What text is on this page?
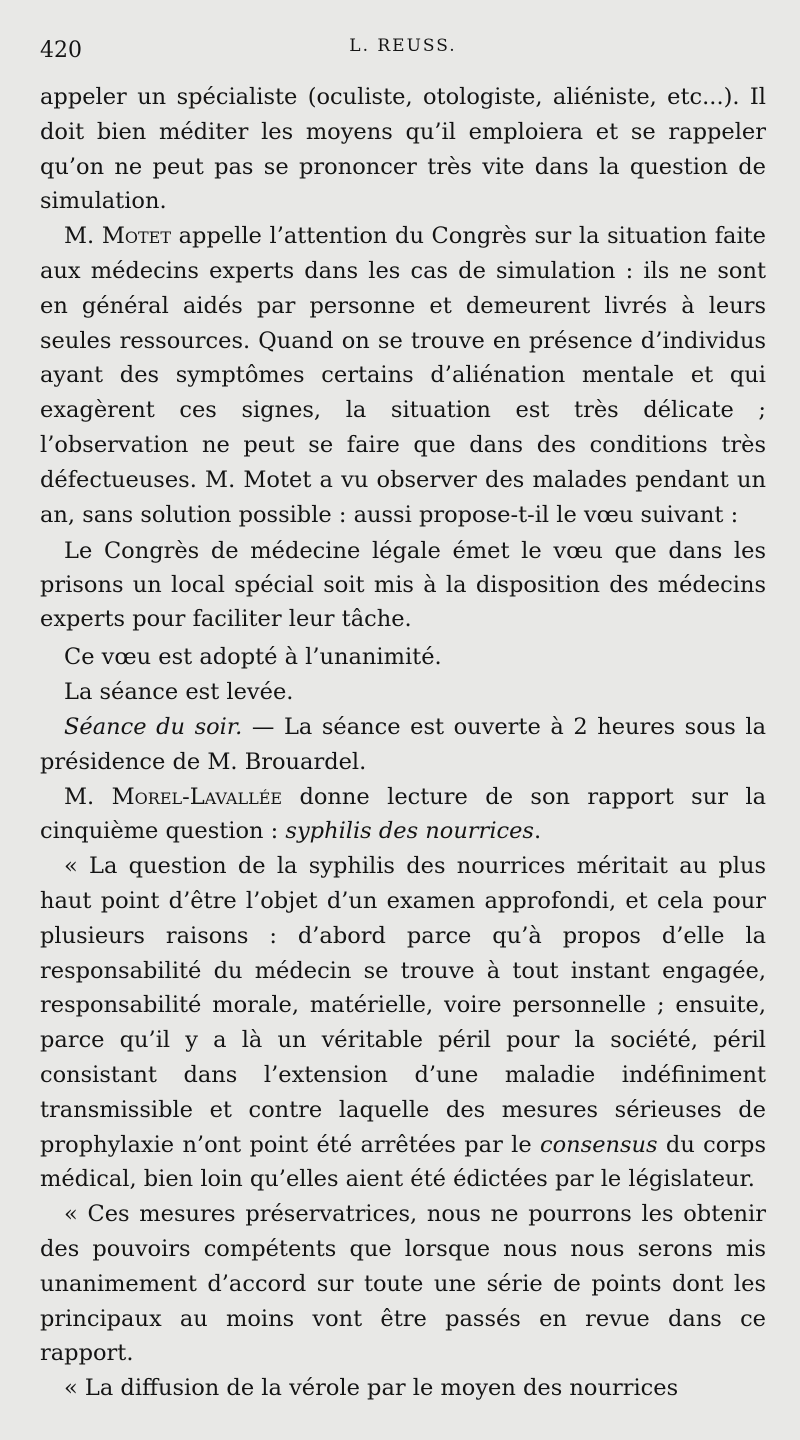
420	L. REUSS.

appeler un spécialiste (oculiste, otologiste, aliéniste, etc...). Il doit bien méditer les moyens qu’il emploiera et se rappeler qu’on ne peut pas se prononcer très vite dans la question de simulation.

M. Motet appelle l’attention du Congrès sur la situation faite aux médecins experts dans les cas de simulation : ils ne sont en général aidés par personne et demeurent livrés à leurs seules ressources. Quand on se trouve en présence d’individus ayant des symptômes certains d’aliénation mentale et qui exagèrent ces signes, la situation est très délicate ; l’observation ne peut se faire que dans des conditions très défectueuses. M. Motet a vu observer des malades pendant un an, sans solution possible : aussi propose-t-il le vœu suivant :

Le Congrès de médecine légale émet le vœu que dans les prisons un local spécial soit mis à la disposition des médecins experts pour faciliter leur tâche.

Ce vœu est adopté à l’unanimité.

La séance est levée.

Séance du soir. — La séance est ouverte à 2 heures sous la présidence de M. Brouardel.

M. Morel-Lavallée donne lecture de son rapport sur la cinquième question : syphilis des nourrices.

« La question de la syphilis des nourrices méritait au plus haut point d’être l’objet d’un examen approfondi, et cela pour plusieurs raisons : d’abord parce qu’à propos d’elle la responsabilité du médecin se trouve à tout instant engagée, responsabilité morale, matérielle, voire personnelle ; ensuite, parce qu’il y a là un véritable péril pour la société, péril consistant dans l’extension d’une maladie indéfiniment transmissible et contre laquelle des mesures sérieuses de prophylaxie n’ont point été arrêtées par le consensus du corps médical, bien loin qu’elles aient été édictées par le législateur.

« Ces mesures préservatrices, nous ne pourrons les obtenir des pouvoirs compétents que lorsque nous nous serons mis unanimement d’accord sur toute une série de points dont les principaux au moins vont être passés en revue dans ce rapport.

« La diffusion de la vérole par le moyen des nourrices
